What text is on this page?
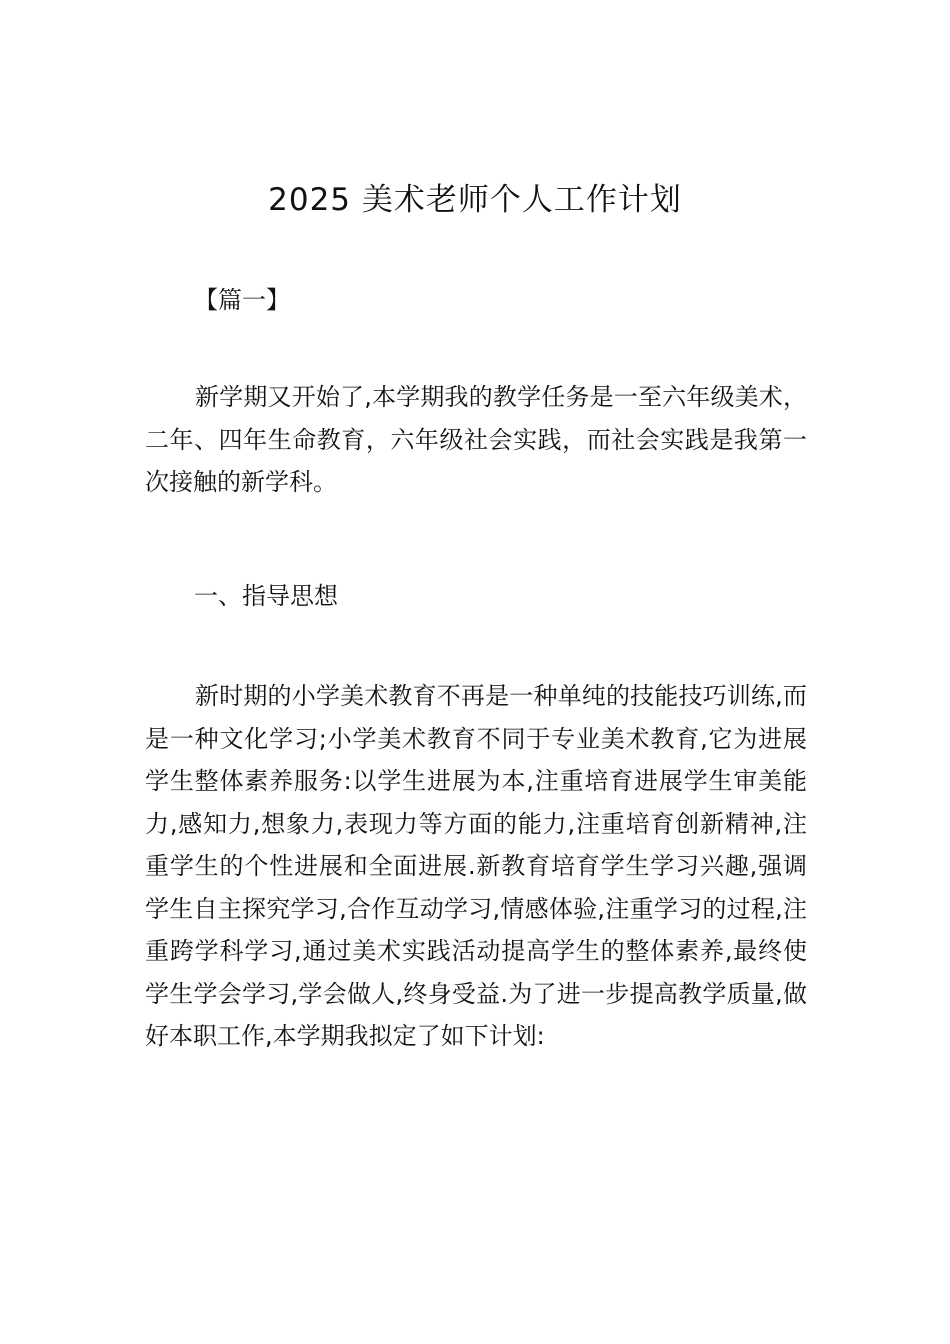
2025 美术老师个人工作计划
【篇一】
新学期又开始了,本学期我的教学任务是一至六年级美术，二年、四年生命教育，六年级社会实践，而社会实践是我第一次接触的新学科。
一、指导思想
新时期的小学美术教育不再是一种单纯的技能技巧训练,而是一种文化学习;小学美术教育不同于专业美术教育,它为进展学生整体素养服务:以学生进展为本,注重培育进展学生审美能力,感知力,想象力,表现力等方面的能力,注重培育创新精神,注重学生的个性进展和全面进展.新教育培育学生学习兴趣,强调学生自主探究学习,合作互动学习,情感体验,注重学习的过程,注重跨学科学习,通过美术实践活动提高学生的整体素养,最终使学生学会学习,学会做人,终身受益.为了进一步提高教学质量,做好本职工作,本学期我拟定了如下计划:
